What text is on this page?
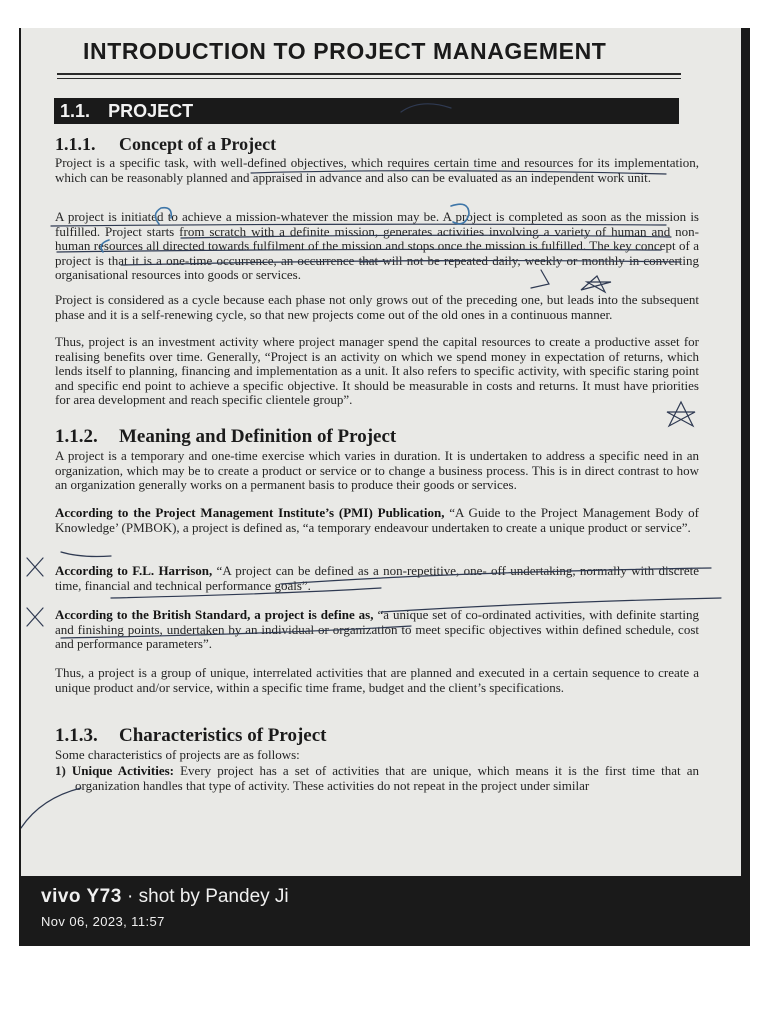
INTRODUCTION TO PROJECT MANAGEMENT
1.1. PROJECT
1.1.1. Concept of a Project

Project is a specific task, with well-defined objectives, which requires certain time and resources for its implementation, which can be reasonably planned and appraised in advance and also can be evaluated as an independent work unit.

A project is initiated to achieve a mission-whatever the mission may be. A project is completed as soon as the mission is fulfilled. Project starts from scratch with a definite mission, generates activities involving a variety of human and non-human resources all directed towards fulfilment of the mission and stops once the mission is fulfilled. The key concept of a project is that it is a one-time occurrence, an occurrence that will not be repeated daily, weekly or monthly in converting organisational resources into goods or services.

Project is considered as a cycle because each phase not only grows out of the preceding one, but leads into the subsequent phase and it is a self-renewing cycle, so that new projects come out of the old ones in a continuous manner.

Thus, project is an investment activity where project manager spend the capital resources to create a productive asset for realising benefits over time. Generally, “Project is an activity on which we spend money in expectation of returns, which lends itself to planning, financing and implementation as a unit. It also refers to specific activity, with specific staring point and specific end point to achieve a specific objective. It should be measurable in costs and returns. It must have priorities for area development and reach specific clientele group”.

1.1.2. Meaning and Definition of Project

A project is a temporary and one-time exercise which varies in duration. It is undertaken to address a specific need in an organization, which may be to create a product or service or to change a business process. This is in direct contrast to how an organization generally works on a permanent basis to produce their goods or services.

According to the Project Management Institute’s (PMI) Publication, “A Guide to the Project Management Body of Knowledge’ (PMBOK), a project is defined as, “a temporary endeavour undertaken to create a unique product or service”.

According to F.L. Harrison, “A project can be defined as a non-repetitive, one- off undertaking, normally with discrete time, financial and technical performance goals”.

According to the British Standard, a project is define as, “a unique set of co-ordinated activities, with definite starting and finishing points, undertaken by an individual or organization to meet specific objectives within defined schedule, cost and performance parameters”.

Thus, a project is a group of unique, interrelated activities that are planned and executed in a certain sequence to create a unique product and/or service, within a specific time frame, budget and the client’s specifications.

1.1.3. Characteristics of Project

Some characteristics of projects are as follows:

1) Unique Activities: Every project has a set of activities that are unique, which means it is the first time that an organization handles that type of activity. These activities do not repeat in the project under similar

vivo Y73 · shot by Pandey Ji
Nov 06, 2023, 11:57
